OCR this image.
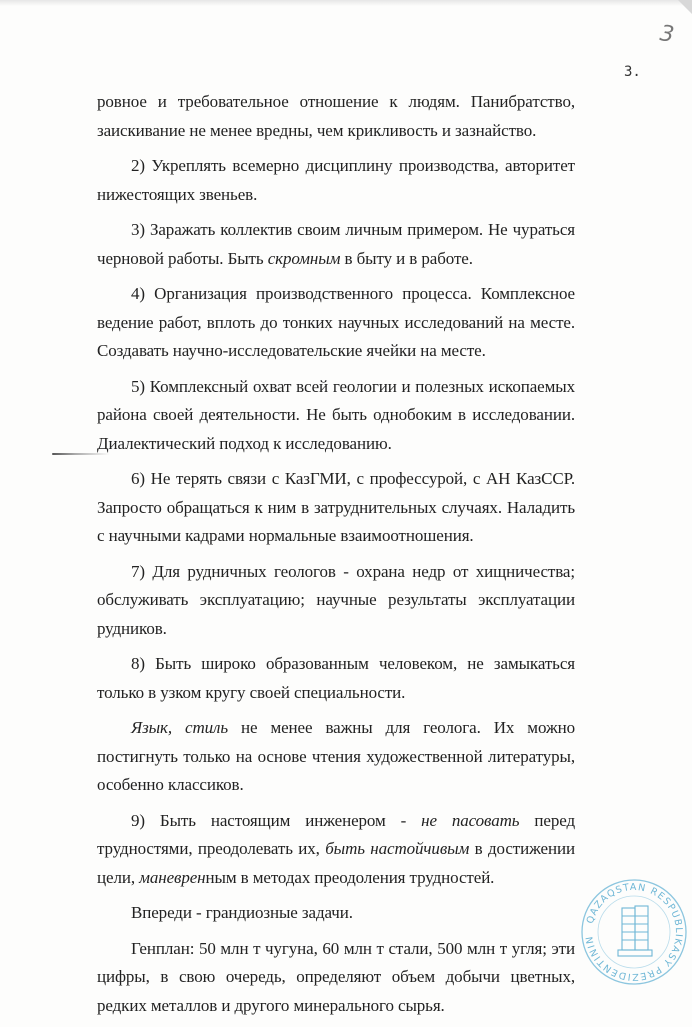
3
3.

ровное и требовательное отношение к людям. Панибратство, заискивание не менее вредны, чем крикливость и зазнайство.

2) Укреплять всемерно дисциплину производства, авторитет нижестоящих звеньев.

3) Заражать коллектив своим личным примером. Не чураться черновой работы. Быть скромным в быту и в работе.

4) Организация производственного процесса. Комплексное ведение работ, вплоть до тонких научных исследований на месте. Создавать научно-исследовательские ячейки на месте.

5) Комплексный охват всей геологии и полезных ископаемых района своей деятельности. Не быть однобоким в исследовании. Диалектический подход к исследованию.

6) Не терять связи с КазГМИ, с профессурой, с АН КазССР. Запросто обращаться к ним в затруднительных случаях. Наладить с научными кадрами нормальные взаимоотношения.

7) Для рудничных геологов - охрана недр от хищничества; обслуживать эксплуатацию; научные результаты эксплуатации рудников.

8) Быть широко образованным человеком, не замыкаться только в узком кругу своей специальности.

Язык, стиль не менее важны для геолога. Их можно постигнуть только на основе чтения художественной литературы, особенно классиков.

9) Быть настоящим инженером - не пасовать перед трудностями, преодолевать их, быть настойчивым в достижении цели, маневренным в методах преодоления трудностей.

Впереди - грандиозные задачи.

Генплан: 50 млн т чугуна, 60 млн т стали, 500 млн т угля; эти цифры, в свою очередь, определяют объем добычи цветных, редких металлов и другого минерального сырья.

QAZAQSTAN RESPUBLIKASY PREZIDENTININ
